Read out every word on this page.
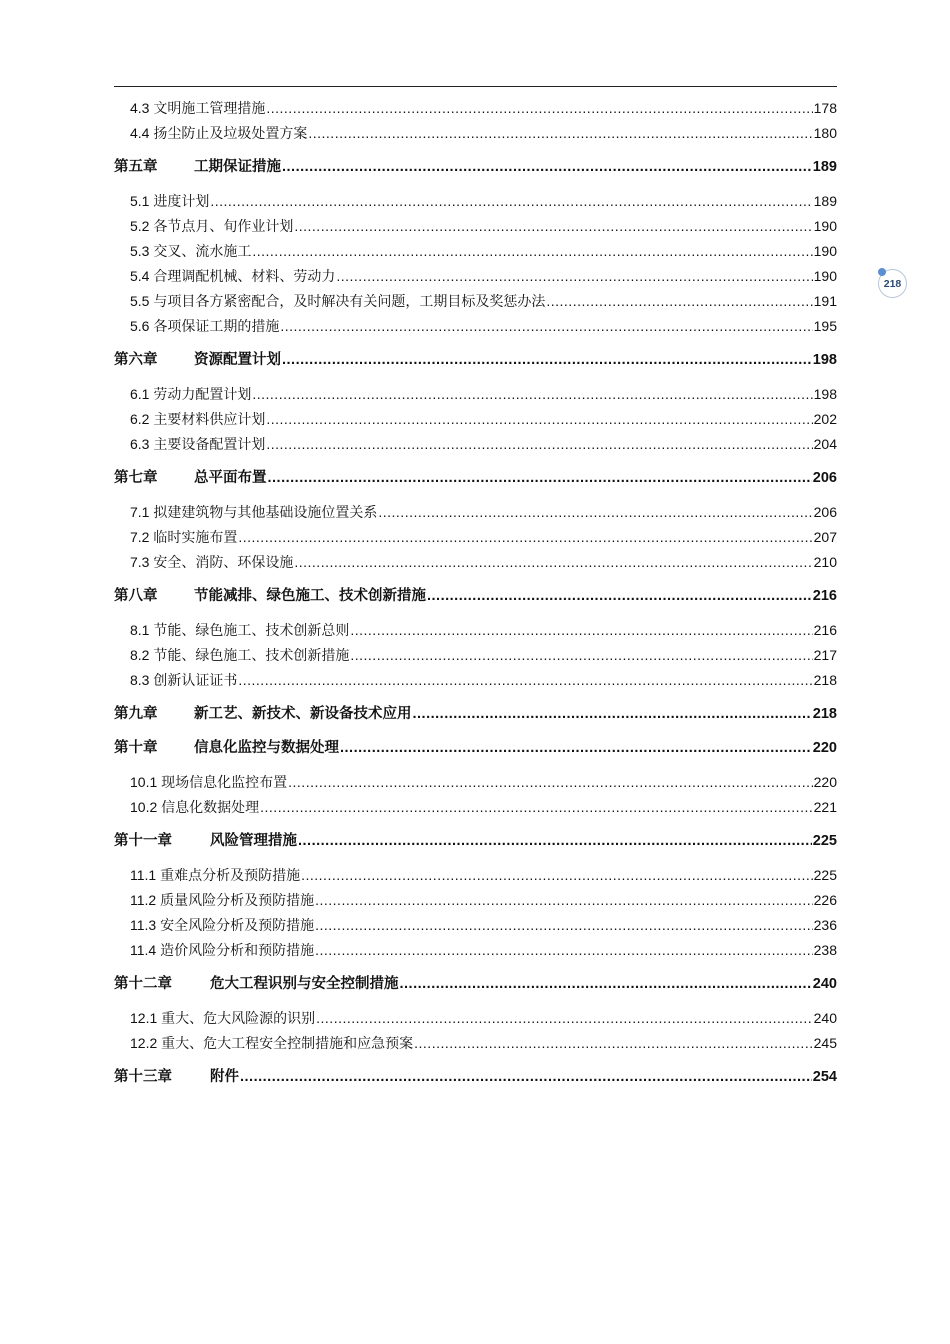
4.3 文明施工管理措施 .....	178
4.4 扬尘防止及垃圾处置方案 .....	180
第五章	工期保证措施 .....	189
5.1 进度计划 .....	189
5.2 各节点月、旬作业计划 .....	190
5.3 交叉、流水施工 .....	190
5.4 合理调配机械、材料、劳动力 .....	190
5.5 与项目各方紧密配合，及时解决有关问题，工期目标及奖惩办法 .....	191
5.6 各项保证工期的措施 .....	195
第六章	资源配置计划 .....	198
6.1 劳动力配置计划 .....	198
6.2 主要材料供应计划 .....	202
6.3 主要设备配置计划 .....	204
第七章	总平面布置 .....	206
7.1 拟建建筑物与其他基础设施位置关系 .....	206
7.2 临时实施布置 .....	207
7.3 安全、消防、环保设施 .....	210
第八章	节能减排、绿色施工、技术创新措施 .....	216
8.1 节能、绿色施工、技术创新总则 .....	216
8.2 节能、绿色施工、技术创新措施 .....	217
8.3 创新认证证书 .....	218
第九章	新工艺、新技术、新设备技术应用 .....	218
第十章	信息化监控与数据处理 .....	220
10.1 现场信息化监控布置 .....	220
10.2 信息化数据处理 .....	221
第十一章	风险管理措施 .....	225
11.1 重难点分析及预防措施 .....	225
11.2 质量风险分析及预防措施 .....	226
11.3 安全风险分析及预防措施 .....	236
11.4 造价风险分析和预防措施 .....	238
第十二章	危大工程识别与安全控制措施 .....	240
12.1 重大、危大风险源的识别 .....	240
12.2 重大、危大工程安全控制措施和应急预案 .....	245
第十三章	附件 .....	254
218
